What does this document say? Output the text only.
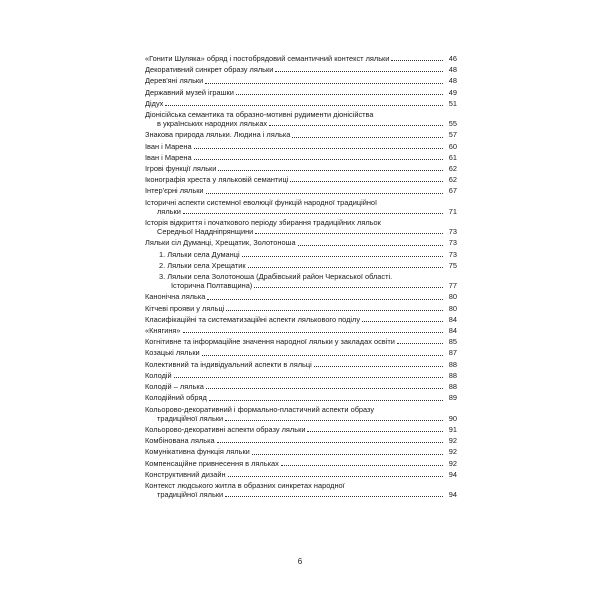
«Гонити Шуляка» обряд і постобрядовий семантичний контекст ляльки	46
Декоративний синкрет образу ляльки	48
Дерев'яні ляльки	48
Державний музей іграшки	49
Дідух	51
Діонісійська семантика та образно-мотивні рудименти діонісійства
в українських народних ляльках	55
Знакова природа ляльки. Людина і лялька	57
Іван і Марена	60
Іван і Марена	61
Ігрові функції ляльки	62
Іконографія хреста у ляльковій семантиці	62
Інтер'єрні ляльки	67
Історичні аспекти системної еволюції функцій народної традиційної
ляльки	71
Історія відкриття і початкового періоду збирання традиційних ляльок
Середньої Наддніпрянщини	73
Ляльки сіл Думанці, Хрещатик, Золотоноша	73
1. Ляльки села Думанці	73
2. Ляльки села Хрещатик	75
3. Ляльки села Золотоноша (Драбівський район Черкаської області.
Історична Полтавщина)	77
Канонічна лялька	80
Кітчеві прояви у ляльці	80
Класифікаційні та систематизаційні аспекти лялькового поділу	84
«Княгиня»	84
Когнітивне та інформаційне значення народної ляльки у закладах освіти	85
Козацькі ляльки	87
Колективний та індивідуальний аспекти в ляльці	88
Колодій	88
Колодій – лялька	88
Колодійний обряд	89
Кольорово-декоративний і формально-пластичний аспекти образу
традиційної ляльки	90
Кольорово-декоративні аспекти образу ляльки	91
Комбінована лялька	92
Комунікативна функція ляльки	92
Компенсаційне привнесення в ляльках	92
Конструктивний дизайн	94
Контекст людського житла в образних синкретах народної
традиційної ляльки	94
6
